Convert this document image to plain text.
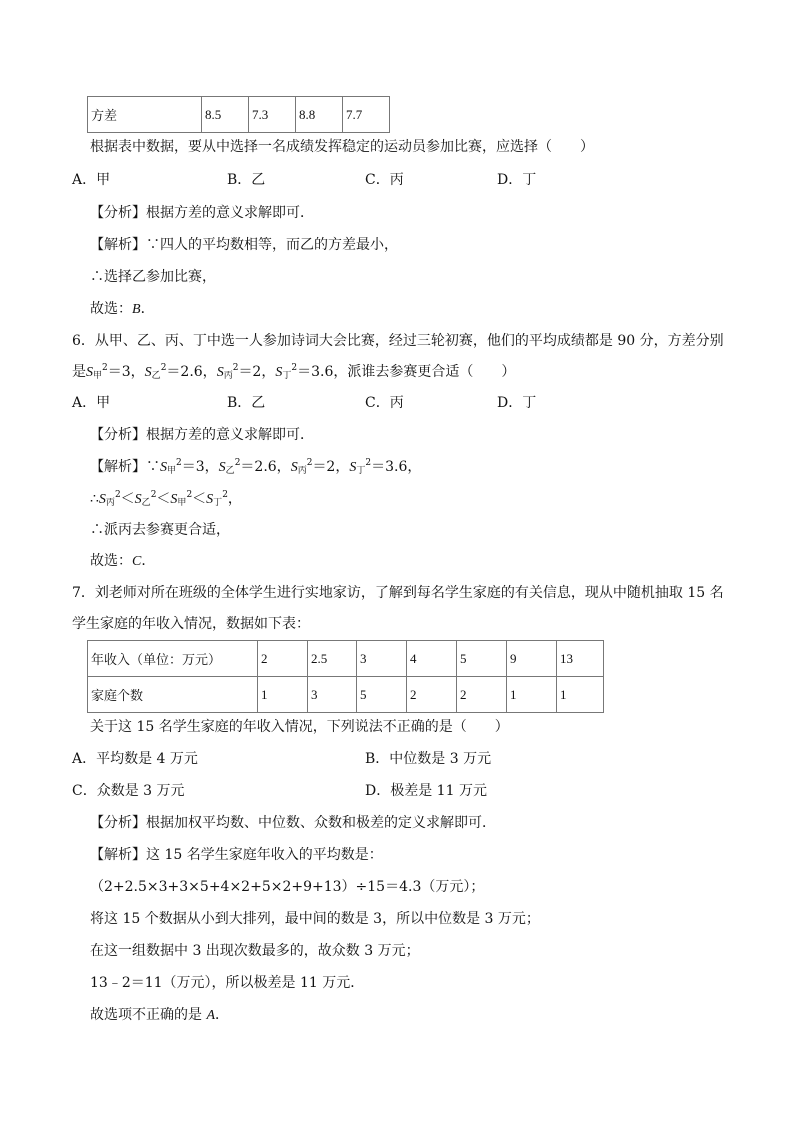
方差	8.5	7.3	8.8	7.7
根据表中数据，要从中选择一名成绩发挥稳定的运动员参加比赛，应选择（　　）
A．甲	B．乙	C．丙	D．丁
【分析】根据方差的意义求解即可．
【解析】∵四人的平均数相等，而乙的方差最小，
∴选择乙参加比赛，
故选：B．
6．从甲、乙、丙、丁中选一人参加诗词大会比赛，经过三轮初赛，他们的平均成绩都是 90 分，方差分别
是$S_甲^2=3$，$S_乙^2=2.6$，$S_丙^2=2$，$S_丁^2=3.6$，派谁去参赛更合适（　　）
A．甲	B．乙	C．丙	D．丁
【分析】根据方差的意义求解即可．
【解析】$\because S_甲^2=3$，$S_乙^2=2.6$，$S_丙^2=2$，$S_丁^2=3.6$，
$\therefore S_丙^2<S_乙^2<S_甲^2<S_丁^2$，
∴派丙去参赛更合适，
故选：C．
7．刘老师对所在班级的全体学生进行实地家访，了解到每名学生家庭的有关信息，现从中随机抽取 15 名
学生家庭的年收入情况，数据如下表：
年收入（单位：万元）	2	2.5	3	4	5	9	13
家庭个数	1	3	5	2	2	1	1
关于这 15 名学生家庭的年收入情况，下列说法不正确的是（　　）
A．平均数是 4 万元	B．中位数是 3 万元
C．众数是 3 万元	D．极差是 11 万元
【分析】根据加权平均数、中位数、众数和极差的定义求解即可．
【解析】这 15 名学生家庭年收入的平均数是：
（2+2.5×3+3×5+4×2+5×2+9+13）÷15＝4.3（万元）；
将这 15 个数据从小到大排列，最中间的数是 3，所以中位数是 3 万元；
在这一组数据中 3 出现次数最多的，故众数 3 万元；
13﹣2＝11（万元），所以极差是 11 万元．
故选项不正确的是 A．
